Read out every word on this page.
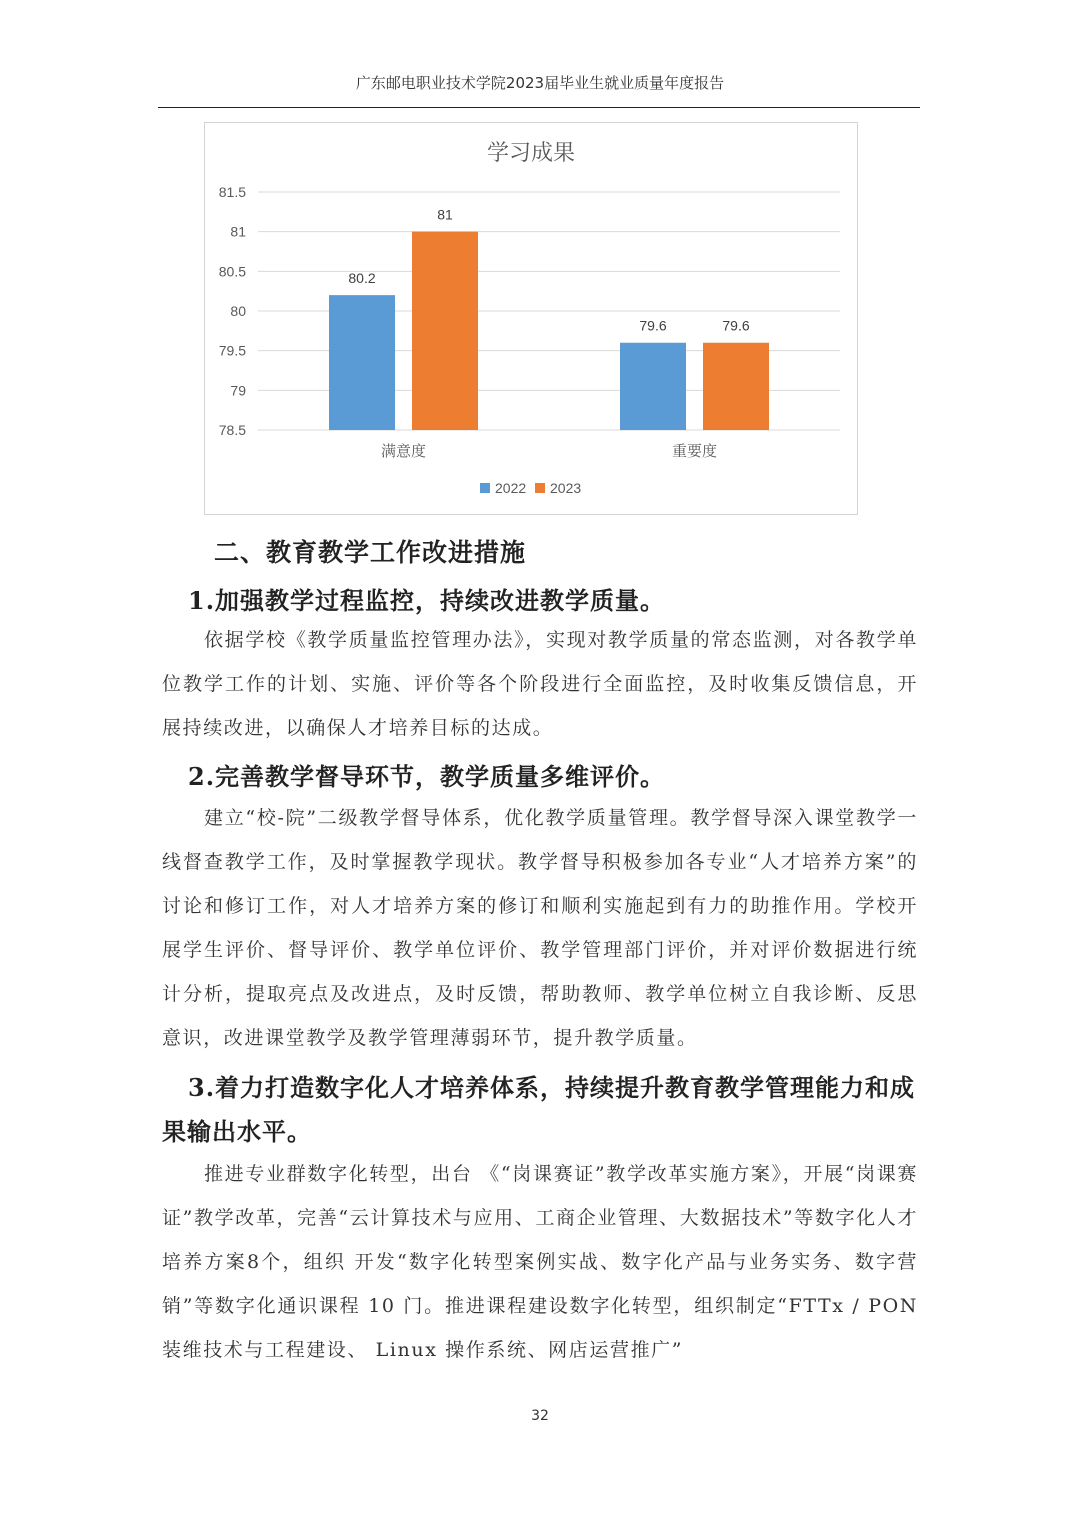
广东邮电职业技术学院2023届毕业生就业质量年度报告
学习成果
81.5
81
80.5
80
79.5
79
78.5
80.2
81
满意度
79.6	79.6
重要度
2022 2023
二、教育教学工作改进措施
1.加强教学过程监控，持续改进教学质量。
依据学校《教学质量监控管理办法》，实现对教学质量的常态监测，对各教学单位教学工作的计划、实施、评价等各个阶段进行全面监控，及时收集反馈信息，开展持续改进，以确保人才培养目标的达成。
2.完善教学督导环节，教学质量多维评价。
建立“校-院”二级教学督导体系，优化教学质量管理。教学督导深入课堂教学一线督查教学工作，及时掌握教学现状。教学督导积极参加各专业“人才培养方案”的讨论和修订工作，对人才培养方案的修订和顺利实施起到有力的助推作用。学校开展学生评价、督导评价、教学单位评价、教学管理部门评价，并对评价数据进行统计分析，提取亮点及改进点，及时反馈，帮助教师、教学单位树立自我诊断、反思意识，改进课堂教学及教学管理薄弱环节，提升教学质量。
3.着力打造数字化人才培养体系，持续提升教育教学管理能力和成果输出水平。
推进专业群数字化转型，出台 《“岗课赛证”教学改革实施方案》，开展“岗课赛证”教学改革，完善“云计算技术与应用、工商企业管理、大数据技术”等数字化人才培养方案8个，组织 开发“数字化转型案例实战、数字化产品与业务实务、数字营销”等数字化通识课程 10 门。推进课程建设数字化转型，组织制定“FTTx / PON 装维技术与工程建设、 Linux 操作系统、网店运营推广”
32
